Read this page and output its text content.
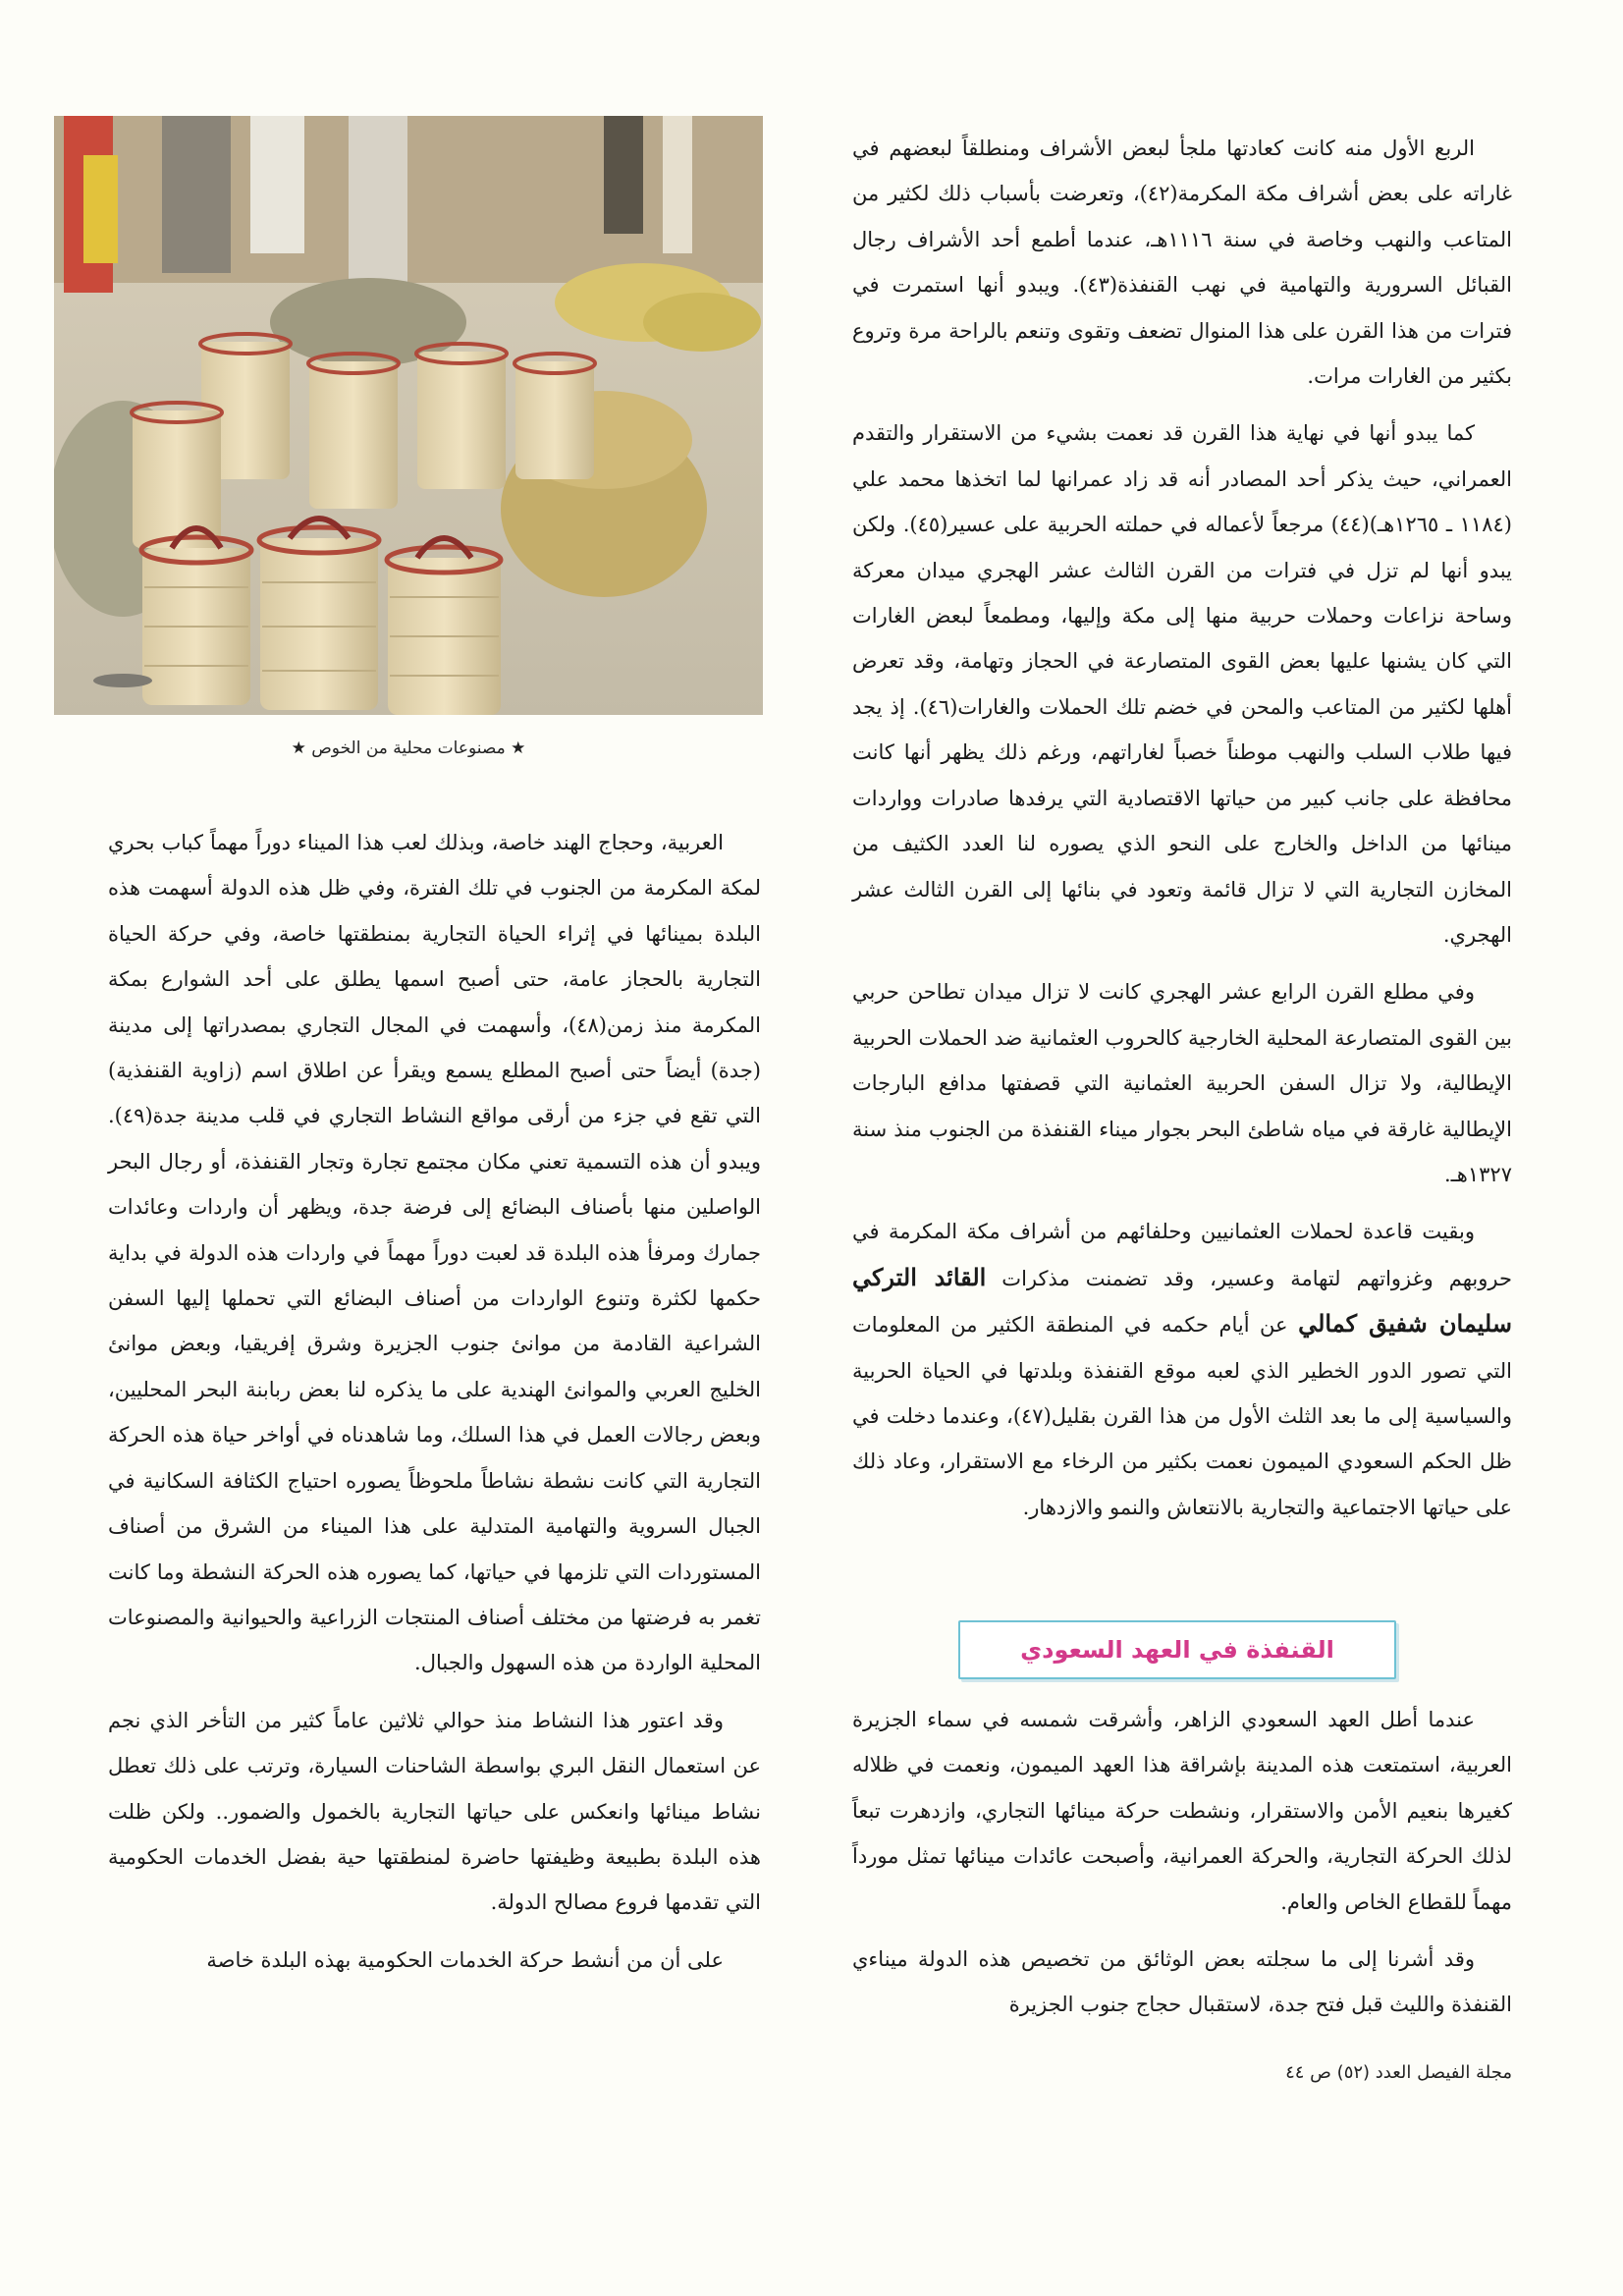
★ مصنوعات محلية من الخوص ★

الربع الأول منه كانت كعادتها ملجأ لبعض الأشراف ومنطلقاً لبعضهم في غاراته على بعض أشراف مكة المكرمة(٤٢)، وتعرضت بأسباب ذلك لكثير من المتاعب والنهب وخاصة في سنة ١١١٦هـ، عندما أطمع أحد الأشراف رجال القبائل السرورية والتهامية في نهب القنفذة(٤٣). ويبدو أنها استمرت في فترات من هذا القرن على هذا المنوال تضعف وتقوى وتنعم بالراحة مرة وتروع بكثير من الغارات مرات.

كما يبدو أنها في نهاية هذا القرن قد نعمت بشيء من الاستقرار والتقدم العمراني، حيث يذكر أحد المصادر أنه قد زاد عمرانها لما اتخذها محمد علي (١١٨٤ ـ ١٢٦٥هـ)(٤٤) مرجعاً لأعماله في حملته الحربية على عسير(٤٥). ولكن يبدو أنها لم تزل في فترات من القرن الثالث عشر الهجري ميدان معركة وساحة نزاعات وحملات حربية منها إلى مكة وإليها، ومطمعاً لبعض الغارات التي كان يشنها عليها بعض القوى المتصارعة في الحجاز وتهامة، وقد تعرض أهلها لكثير من المتاعب والمحن في خضم تلك الحملات والغارات(٤٦). إذ يجد فيها طلاب السلب والنهب موطناً خصباً لغاراتهم، ورغم ذلك يظهر أنها كانت محافظة على جانب كبير من حياتها الاقتصادية التي يرفدها صادرات وواردات مينائها من الداخل والخارج على النحو الذي يصوره لنا العدد الكثيف من المخازن التجارية التي لا تزال قائمة وتعود في بنائها إلى القرن الثالث عشر الهجري.

وفي مطلع القرن الرابع عشر الهجري كانت لا تزال ميدان تطاحن حربي بين القوى المتصارعة المحلية الخارجية كالحروب العثمانية ضد الحملات الحربية الإيطالية، ولا تزال السفن الحربية العثمانية التي قصفتها مدافع البارجات الإيطالية غارقة في مياه شاطئ البحر بجوار ميناء القنفذة من الجنوب منذ سنة ١٣٢٧هـ.

وبقيت قاعدة لحملات العثمانيين وحلفائهم من أشراف مكة المكرمة في حروبهم وغزواتهم لتهامة وعسير، وقد تضمنت مذكرات القائد التركي سليمان شفيق كمالي عن أيام حكمه في المنطقة الكثير من المعلومات التي تصور الدور الخطير الذي لعبه موقع القنفذة وبلدتها في الحياة الحربية والسياسية إلى ما بعد الثلث الأول من هذا القرن بقليل(٤٧)، وعندما دخلت في ظل الحكم السعودي الميمون نعمت بكثير من الرخاء مع الاستقرار، وعاد ذلك على حياتها الاجتماعية والتجارية بالانتعاش والنمو والازدهار.

القنفذة في العهد السعودي

عندما أطل العهد السعودي الزاهر، وأشرقت شمسه في سماء الجزيرة العربية، استمتعت هذه المدينة بإشراقة هذا العهد الميمون، ونعمت في ظلاله كغيرها بنعيم الأمن والاستقرار، ونشطت حركة مينائها التجاري، وازدهرت تبعاً لذلك الحركة التجارية، والحركة العمرانية، وأصبحت عائدات مينائها تمثل مورداً مهماً للقطاع الخاص والعام.

وقد أشرنا إلى ما سجلته بعض الوثائق من تخصيص هذه الدولة ميناءي القنفذة والليث قبل فتح جدة، لاستقبال حجاج جنوب الجزيرة

العربية، وحجاج الهند خاصة، وبذلك لعب هذا الميناء دوراً مهماً كباب بحري لمكة المكرمة من الجنوب في تلك الفترة، وفي ظل هذه الدولة أسهمت هذه البلدة بمينائها في إثراء الحياة التجارية بمنطقتها خاصة، وفي حركة الحياة التجارية بالحجاز عامة، حتى أصبح اسمها يطلق على أحد الشوارع بمكة المكرمة منذ زمن(٤٨)، وأسهمت في المجال التجاري بمصدراتها إلى مدينة (جدة) أيضاً حتى أصبح المطلع يسمع ويقرأ عن اطلاق اسم (زاوية القنفذية) التي تقع في جزء من أرقى مواقع النشاط التجاري في قلب مدينة جدة(٤٩). ويبدو أن هذه التسمية تعني مكان مجتمع تجارة وتجار القنفذة، أو رجال البحر الواصلين منها بأصناف البضائع إلى فرضة جدة، ويظهر أن واردات وعائدات جمارك ومرفأ هذه البلدة قد لعبت دوراً مهماً في واردات هذه الدولة في بداية حكمها لكثرة وتنوع الواردات من أصناف البضائع التي تحملها إليها السفن الشراعية القادمة من موانئ جنوب الجزيرة وشرق إفريقيا، وبعض موانئ الخليج العربي والموانئ الهندية على ما يذكره لنا بعض ربابنة البحر المحليين، وبعض رجالات العمل في هذا السلك، وما شاهدناه في أواخر حياة هذه الحركة التجارية التي كانت نشطة نشاطاً ملحوظاً يصوره احتياج الكثافة السكانية في الجبال السروية والتهامية المتدلية على هذا الميناء من الشرق من أصناف المستوردات التي تلزمها في حياتها، كما يصوره هذه الحركة النشطة وما كانت تغمر به فرضتها من مختلف أصناف المنتجات الزراعية والحيوانية والمصنوعات المحلية الواردة من هذه السهول والجبال.

وقد اعتور هذا النشاط منذ حوالي ثلاثين عاماً كثير من التأخر الذي نجم عن استعمال النقل البري بواسطة الشاحنات السيارة، وترتب على ذلك تعطل نشاط مينائها وانعكس على حياتها التجارية بالخمول والضمور.. ولكن ظلت هذه البلدة بطبيعة وظيفتها حاضرة لمنطقتها حية بفضل الخدمات الحكومية التي تقدمها فروع مصالح الدولة.

على أن من أنشط حركة الخدمات الحكومية بهذه البلدة خاصة

مجلة الفيصل العدد (٥٢) ص ٤٤
